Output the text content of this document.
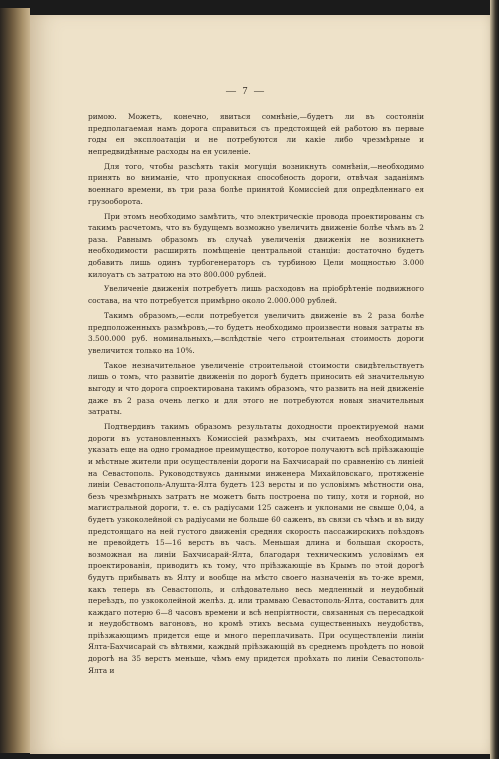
— 7 —

римою. Можетъ, конечно, явиться сомнѣніе,—будетъ ли въ состояніи предполагаемая намъ дорога справиться съ предстоящей ей работою въ первые годы ея эксплоатаціи и не потребуются ли какіе либо чрезмѣрные и непредвидѣнные расходы на ея усиленіе.

Для того, чтобы разсѣять такія могущія возникнуть сомнѣнія,—необходимо принять во вниманіе, что пропускная способность дороги, отвѣчая заданіямъ военнаго времени, въ три раза болѣе принятой Комиссіей для опредѣленнаго ея грузооборота.

При этомъ необходимо замѣтить, что электрическіе провода проектированы съ такимъ расчетомъ, что въ будущемъ возможно увеличить движеніе болѣе чѣмъ въ 2 раза. Равнымъ образомъ въ случаѣ увеличенія движенія не возникнетъ необходимости расширять помѣщеніе центральной станціи: достаточно будетъ добавить лишь одинъ турбогенераторъ съ турбиною Цели мощностью 3.000 килоуатъ съ затратою на это 800.000 рублей.

Увеличеніе движенія потребуетъ лишь расходовъ на пріобрѣтеніе подвижного состава, на что потребуется примѣрно около 2.000.000 рублей.

Такимъ образомъ,—если потребуется увеличить движеніе въ 2 раза болѣе предположенныхъ размѣровъ,—то будетъ необходимо произвести новыя затраты въ 3.500.000 руб. номинальныхъ,—вслѣдствіе чего строительная стоимость дороги увеличится только на 10%.

Такое незначительное увеличеніе строительной стоимости свидѣтельствуетъ лишь о томъ, что развитіе движенія по дорогѣ будетъ приносить ей значительную выгоду и что дорога спроектирована такимъ образомъ, что развить на ней движеніе даже въ 2 раза очень легко и для этого не потребуются новыя значительныя затраты.

Подтвердивъ такимъ образомъ результаты доходности проектируемой нами дороги въ установленныхъ Комиссіей размѣрахъ, мы считаемъ необходимымъ указать еще на одно громадное преимущество, которое получаютъ всѣ пріѣзжающіе и мѣстные жители при осуществленіи дороги на Бахчисарай по сравненію съ линіей на Севастополь. Руководствуясь данными инженера Михайловскаго, протяженіе линіи Севастополь-Алушта-Ялта будетъ 123 версты и по условіямъ мѣстности она, безъ чрезмѣрныхъ затратъ не можетъ быть построена по типу, хотя и горной, но магистральной дороги, т. е. съ радіусами 125 саженъ и уклонами не свыше 0,04, а будетъ узкоколейной съ радіусами не больше 60 саженъ, въ связи съ чѣмъ и въ виду предстоящаго на ней густого движенія средняя скорость пассажирскихъ поѣздовъ не превойдетъ 15—16 верстъ въ часъ. Меньшая длина и большая скорость, возможная на линіи Бахчисарай-Ялта, благодаря техническимъ условіямъ ея проектированія, приводитъ къ тому, что пріѣзжающіе въ Крымъ по этой дорогѣ будутъ прибывать въ Ялту и вообще на мѣсто своего назначенія въ то-же время, какъ теперь въ Севастополь, и слѣдовательно весь медленный и неудобный переѣздъ, по узкоколейной желѣз. д. или трамваю Севастополь-Ялта, составитъ для каждаго потерю 6—8 часовъ времени и всѣ непріятности, связанныя съ пересадкой и неудобствомъ вагоновъ, но кромѣ этихъ весьма существенныхъ неудобствъ, пріѣзжающимъ придется еще и много переплачивать. При осуществленіи линіи Ялта-Бахчисарай съ вѣтвями, каждый пріѣзжающій въ среднемъ проѣдетъ по новой дорогѣ на 35 верстъ меньше, чѣмъ ему придется проѣхать по линіи Севастополь-Ялта и
